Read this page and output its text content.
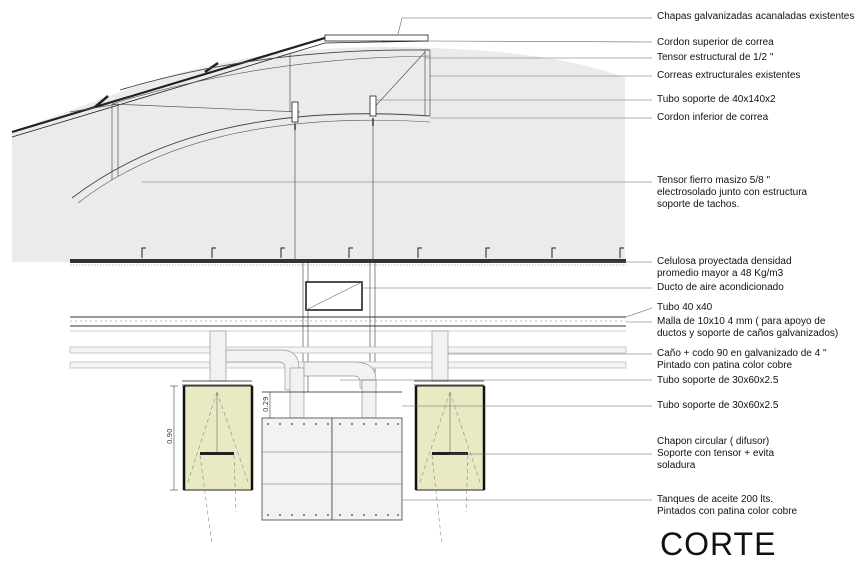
0.29
0.90
Chapas galvanizadas acanaladas existentes
Cordon superior de correa
Tensor estructural de 1/2 "
Correas extructurales existentes
Tubo soporte de 40x140x2
Cordon inferior de correa
Tensor fierro masizo 5/8 "
electrosolado junto con estructura
soporte de tachos.
Celulosa proyectada densidad
promedio mayor a 48 Kg/m3
Ducto de aire acondicionado
Tubo 40 x40
Malla de 10x10 4 mm ( para apoyo de
ductos y soporte de caños galvanizados)
Caño + codo 90 en galvanizado de 4 "
Pintado con patina color cobre
Tubo soporte de 30x60x2.5
Tubo soporte de 30x60x2.5
Chapon circular ( difusor)
Soporte con tensor + evita
soladura
Tanques de aceite 200 lts.
Pintados con patina color cobre
CORTE
